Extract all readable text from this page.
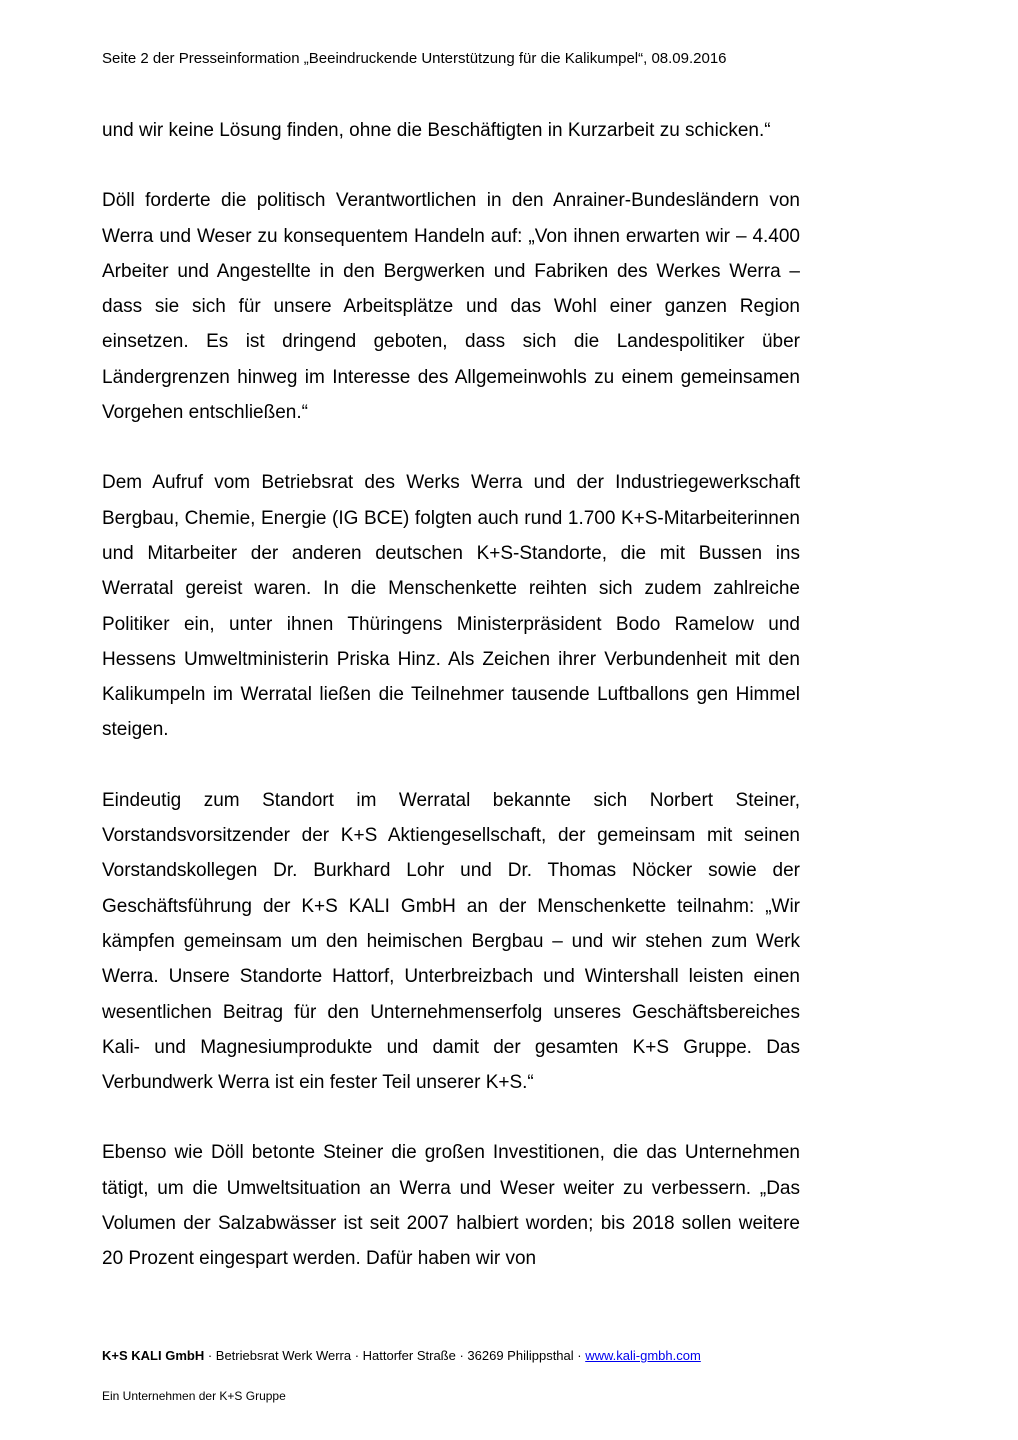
Seite 2 der Presseinformation „Beeindruckende Unterstützung für die Kalikumpel“, 08.09.2016

und wir keine Lösung finden, ohne die Beschäftigten in Kurzarbeit zu schicken.“

Döll forderte die politisch Verantwortlichen in den Anrainer-Bundesländern von Werra und Weser zu konsequentem Handeln auf: „Von ihnen erwarten wir – 4.400 Arbeiter und Angestellte in den Bergwerken und Fabriken des Werkes Werra – dass sie sich für unsere Arbeitsplätze und das Wohl einer ganzen Region einsetzen. Es ist dringend geboten, dass sich die Landespolitiker über Ländergrenzen hinweg im Interesse des Allgemeinwohls zu einem gemeinsamen Vorgehen entschließen.“

Dem Aufruf vom Betriebsrat des Werks Werra und der Industriegewerkschaft Bergbau, Chemie, Energie (IG BCE) folgten auch rund 1.700 K+S-Mitarbeiterinnen und Mitarbeiter der anderen deutschen K+S-Standorte, die mit Bussen ins Werratal gereist waren. In die Menschenkette reihten sich zudem zahlreiche Politiker ein, unter ihnen Thüringens Ministerpräsident Bodo Ramelow und Hessens Umweltministerin Priska Hinz. Als Zeichen ihrer Verbundenheit mit den Kalikumpeln im Werratal ließen die Teilnehmer tausende Luftballons gen Himmel steigen.

Eindeutig zum Standort im Werratal bekannte sich Norbert Steiner, Vorstandsvorsitzender der K+S Aktiengesellschaft, der gemeinsam mit seinen Vorstandskollegen Dr. Burkhard Lohr und Dr. Thomas Nöcker sowie der Geschäftsführung der K+S KALI GmbH an der Menschenkette teilnahm: „Wir kämpfen gemeinsam um den heimischen Bergbau – und wir stehen zum Werk Werra. Unsere Standorte Hattorf, Unterbreizbach und Wintershall leisten einen wesentlichen Beitrag für den Unternehmenserfolg unseres Geschäftsbereiches Kali- und Magnesiumprodukte und damit der gesamten K+S Gruppe. Das Verbundwerk Werra ist ein fester Teil unserer K+S.“

Ebenso wie Döll betonte Steiner die großen Investitionen, die das Unternehmen tätigt, um die Umweltsituation an Werra und Weser weiter zu verbessern. „Das Volumen der Salzabwässer ist seit 2007 halbiert worden; bis 2018 sollen weitere 20 Prozent eingespart werden. Dafür haben wir von

K+S KALI GmbH · Betriebsrat Werk Werra · Hattorfer Straße · 36269 Philippsthal · www.kali-gmbh.com
Ein Unternehmen der K+S Gruppe
